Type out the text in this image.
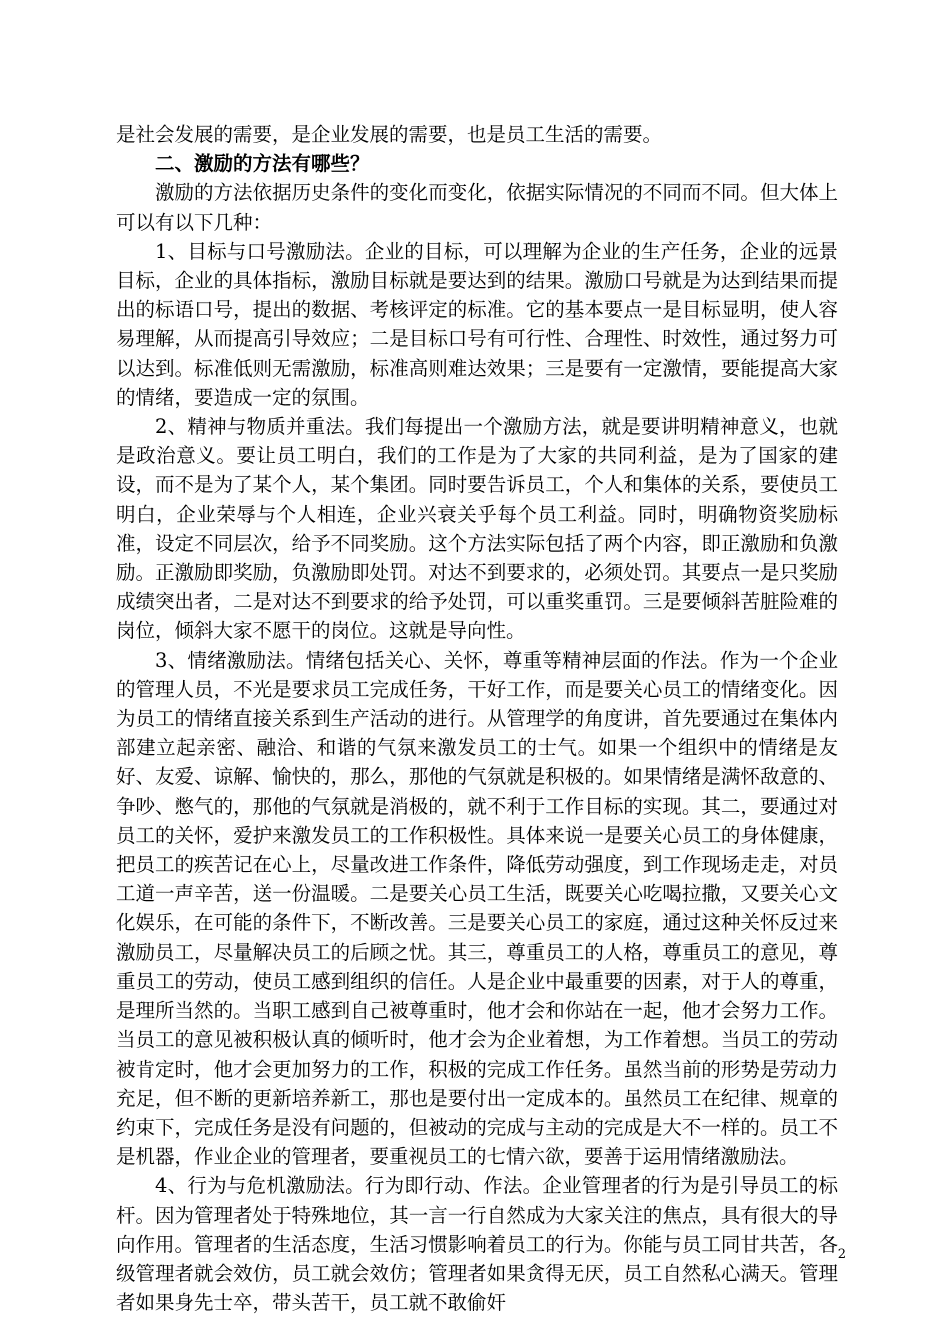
是社会发展的需要，是企业发展的需要，也是员工生活的需要。

二、激励的方法有哪些？

激励的方法依据历史条件的变化而变化，依据实际情况的不同而不同。但大体上可以有以下几种：

1、目标与口号激励法。企业的目标，可以理解为企业的生产任务，企业的远景目标，企业的具体指标，激励目标就是要达到的结果。激励口号就是为达到结果而提出的标语口号，提出的数据、考核评定的标准。它的基本要点一是目标显明，使人容易理解，从而提高引导效应；二是目标口号有可行性、合理性、时效性，通过努力可以达到。标准低则无需激励，标准高则难达效果；三是要有一定激情，要能提高大家的情绪，要造成一定的氛围。

2、精神与物质并重法。我们每提出一个激励方法，就是要讲明精神意义，也就是政治意义。要让员工明白，我们的工作是为了大家的共同利益，是为了国家的建设，而不是为了某个人，某个集团。同时要告诉员工，个人和集体的关系，要使员工明白，企业荣辱与个人相连，企业兴衰关乎每个员工利益。同时，明确物资奖励标准，设定不同层次，给予不同奖励。这个方法实际包括了两个内容，即正激励和负激励。正激励即奖励，负激励即处罚。对达不到要求的，必须处罚。其要点一是只奖励成绩突出者，二是对达不到要求的给予处罚，可以重奖重罚。三是要倾斜苦脏险难的岗位，倾斜大家不愿干的岗位。这就是导向性。

3、情绪激励法。情绪包括关心、关怀，尊重等精神层面的作法。作为一个企业的管理人员，不光是要求员工完成任务，干好工作，而是要关心员工的情绪变化。因为员工的情绪直接关系到生产活动的进行。从管理学的角度讲，首先要通过在集体内部建立起亲密、融洽、和谐的气氛来激发员工的士气。如果一个组织中的情绪是友好、友爱、谅解、愉快的，那么，那他的气氛就是积极的。如果情绪是满怀敌意的、争吵、憋气的，那他的气氛就是消极的，就不利于工作目标的实现。其二，要通过对员工的关怀，爱护来激发员工的工作积极性。具体来说一是要关心员工的身体健康，把员工的疾苦记在心上，尽量改进工作条件，降低劳动强度，到工作现场走走，对员工道一声辛苦，送一份温暖。二是要关心员工生活，既要关心吃喝拉撒，又要关心文化娱乐，在可能的条件下，不断改善。三是要关心员工的家庭，通过这种关怀反过来激励员工，尽量解决员工的后顾之忧。其三，尊重员工的人格，尊重员工的意见，尊重员工的劳动，使员工感到组织的信任。人是企业中最重要的因素，对于人的尊重，是理所当然的。当职工感到自己被尊重时，他才会和你站在一起，他才会努力工作。当员工的意见被积极认真的倾听时，他才会为企业着想，为工作着想。当员工的劳动被肯定时，他才会更加努力的工作，积极的完成工作任务。虽然当前的形势是劳动力充足，但不断的更新培养新工，那也是要付出一定成本的。虽然员工在纪律、规章的约束下，完成任务是没有问题的，但被动的完成与主动的完成是大不一样的。员工不是机器，作业企业的管理者，要重视员工的七情六欲，要善于运用情绪激励法。

4、行为与危机激励法。行为即行动、作法。企业管理者的行为是引导员工的标杆。因为管理者处于特殊地位，其一言一行自然成为大家关注的焦点，具有很大的导向作用。管理者的生活态度，生活习惯影响着员工的行为。你能与员工同甘共苦，各级管理者就会效仿，员工就会效仿；管理者如果贪得无厌，员工自然私心满天。管理者如果身先士卒，带头苦干，员工就不敢偷奸

2
